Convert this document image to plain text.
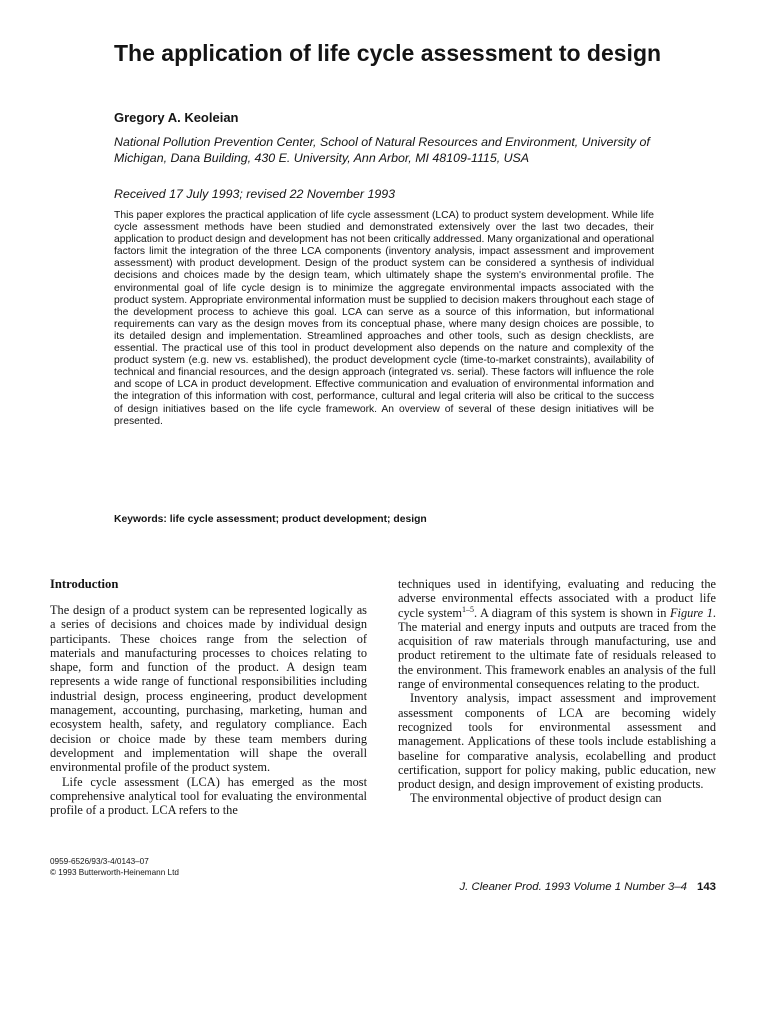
The application of life cycle assessment to design
Gregory A. Keoleian
National Pollution Prevention Center, School of Natural Resources and Environment, University of Michigan, Dana Building, 430 E. University, Ann Arbor, MI 48109-1115, USA
Received 17 July 1993; revised 22 November 1993

This paper explores the practical application of life cycle assessment (LCA) to product system development. While life cycle assessment methods have been studied and demonstrated extensively over the last two decades, their application to product design and development has not been critically addressed. Many organizational and operational factors limit the integration of the three LCA components (inventory analysis, impact assessment and improvement assessment) with product development. Design of the product system can be considered a synthesis of individual decisions and choices made by the design team, which ultimately shape the system's environmental profile. The environmental goal of life cycle design is to minimize the aggregate environmental impacts associated with the product system. Appropriate environmental information must be supplied to decision makers throughout each stage of the development process to achieve this goal. LCA can serve as a source of this information, but informational requirements can vary as the design moves from its conceptual phase, where many design choices are possible, to its detailed design and implementation. Streamlined approaches and other tools, such as design checklists, are essential. The practical use of this tool in product development also depends on the nature and complexity of the product system (e.g. new vs. established), the product development cycle (time-to-market constraints), availability of technical and financial resources, and the design approach (integrated vs. serial). These factors will influence the role and scope of LCA in product development. Effective communication and evaluation of environmental information and the integration of this information with cost, performance, cultural and legal criteria will also be critical to the success of design initiatives based on the life cycle framework. An overview of several of these design initiatives will be presented.

Keywords: life cycle assessment; product development; design
Introduction

The design of a product system can be represented logically as a series of decisions and choices made by individual design participants. These choices range from the selection of materials and manufacturing processes to choices relating to shape, form and function of the product. A design team represents a wide range of functional responsibilities including industrial design, process engineering, product development management, accounting, purchasing, marketing, human and ecosystem health, safety, and regulatory compliance. Each decision or choice made by these team members during development and implementation will shape the overall environmental profile of the product system.

Life cycle assessment (LCA) has emerged as the most comprehensive analytical tool for evaluating the environmental profile of a product. LCA refers to the

techniques used in identifying, evaluating and reducing the adverse environmental effects associated with a product life cycle system$^{1-5}$. A diagram of this system is shown in Figure 1. The material and energy inputs and outputs are traced from the acquisition of raw materials through manufacturing, use and product retirement to the ultimate fate of residuals released to the environment. This framework enables an analysis of the full range of environmental consequences relating to the product.

Inventory analysis, impact assessment and improvement assessment components of LCA are becoming widely recognized tools for environmental assessment and management. Applications of these tools include establishing a baseline for comparative analysis, ecolabelling and product certification, support for policy making, public education, new product design, and design improvement of existing products.

The environmental objective of product design can

0959-6526/93/3-4/0143–07
© 1993 Butterworth-Heinemann Ltd
J. Cleaner Prod. 1993 Volume 1 Number 3–4 143
